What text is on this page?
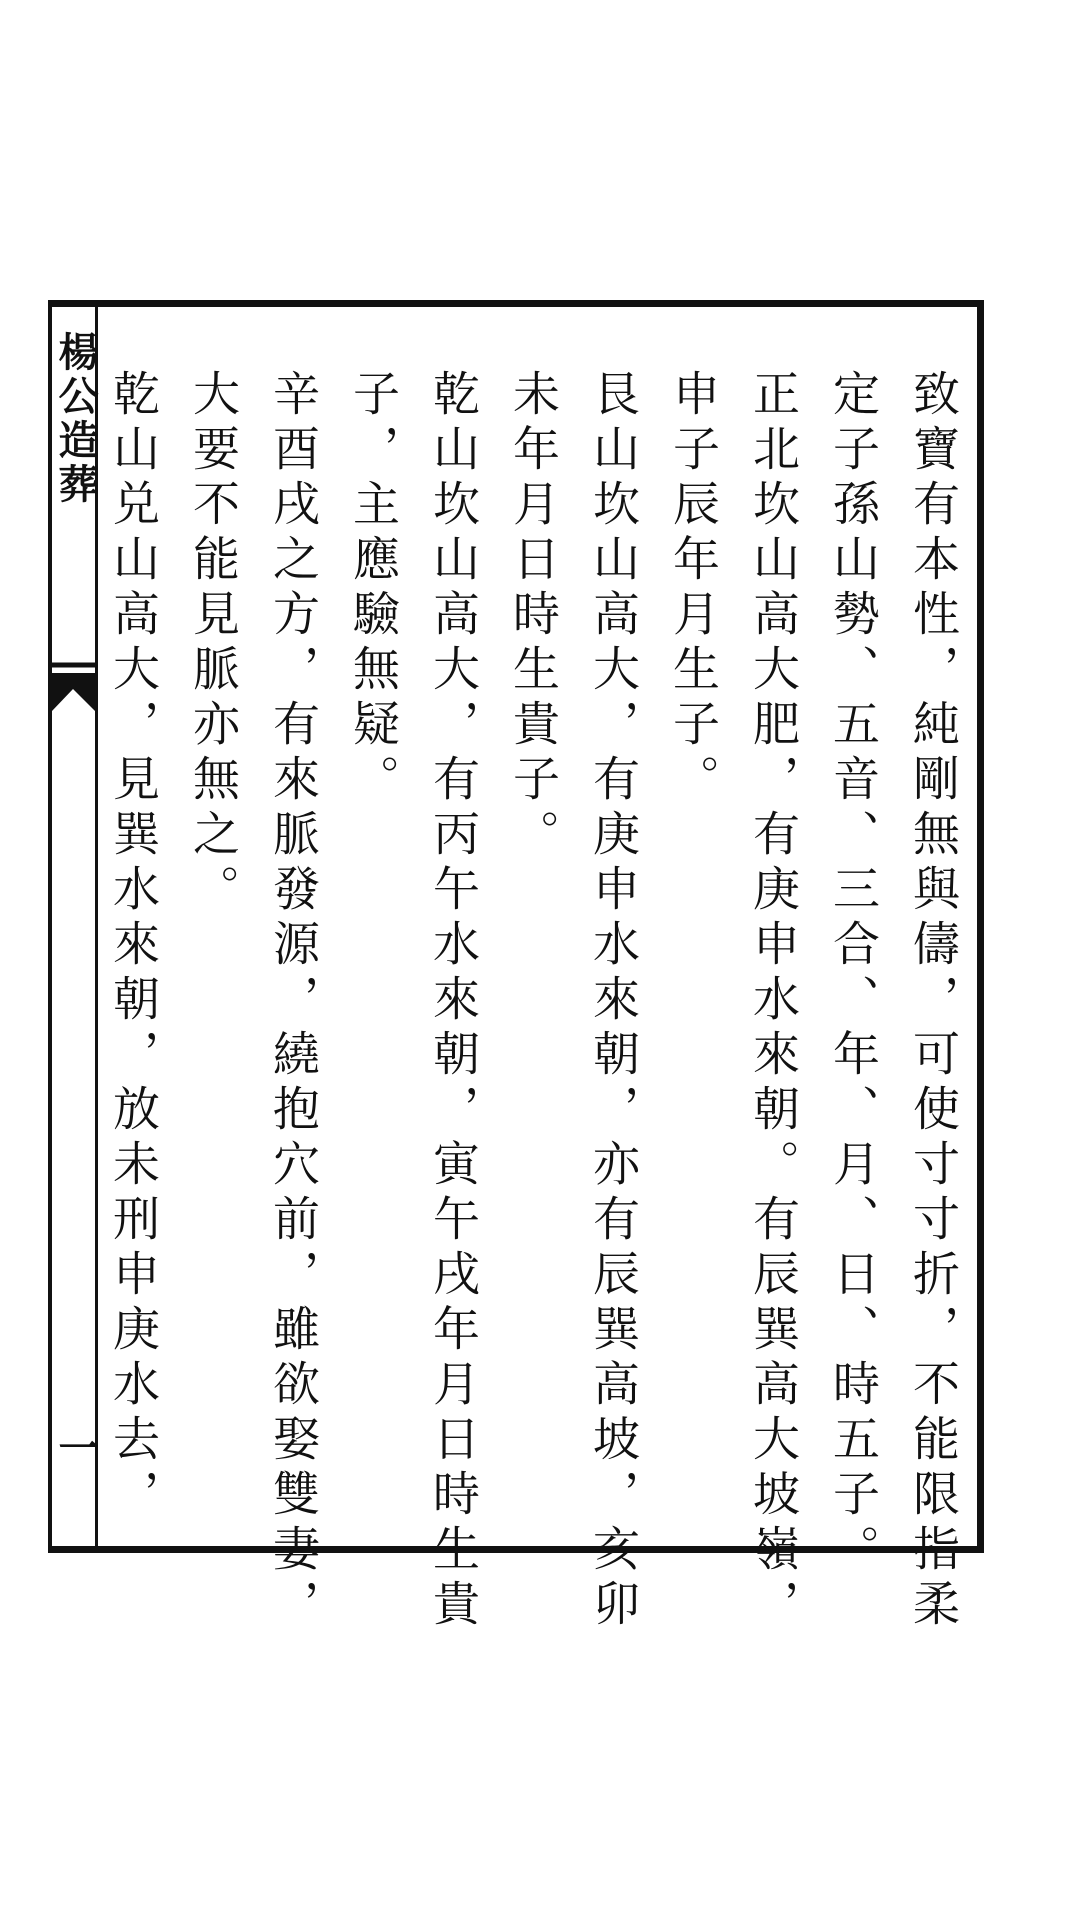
楊公造葬
一	致寶有本性，純剛無與儔，可使寸寸折，不能限指柔
定子孫山勢、五音、三合、年、月、日、時五子。
正北坎山高大肥，有庚申水來朝。有辰巽高大坡嶺，
申子辰年月生子。
艮山坎山高大，有庚申水來朝，亦有辰巽高坡，亥卯
未年月日時生貴子。
乾山坎山高大，有丙午水來朝，寅午戌年月日時生貴
子，主應驗無疑。
辛酉戌之方，有來脈發源，繞抱穴前，雖欲娶雙妻，
大要不能見脈亦無之。
乾山兑山高大，見巽水來朝，放未刑申庚水去，
